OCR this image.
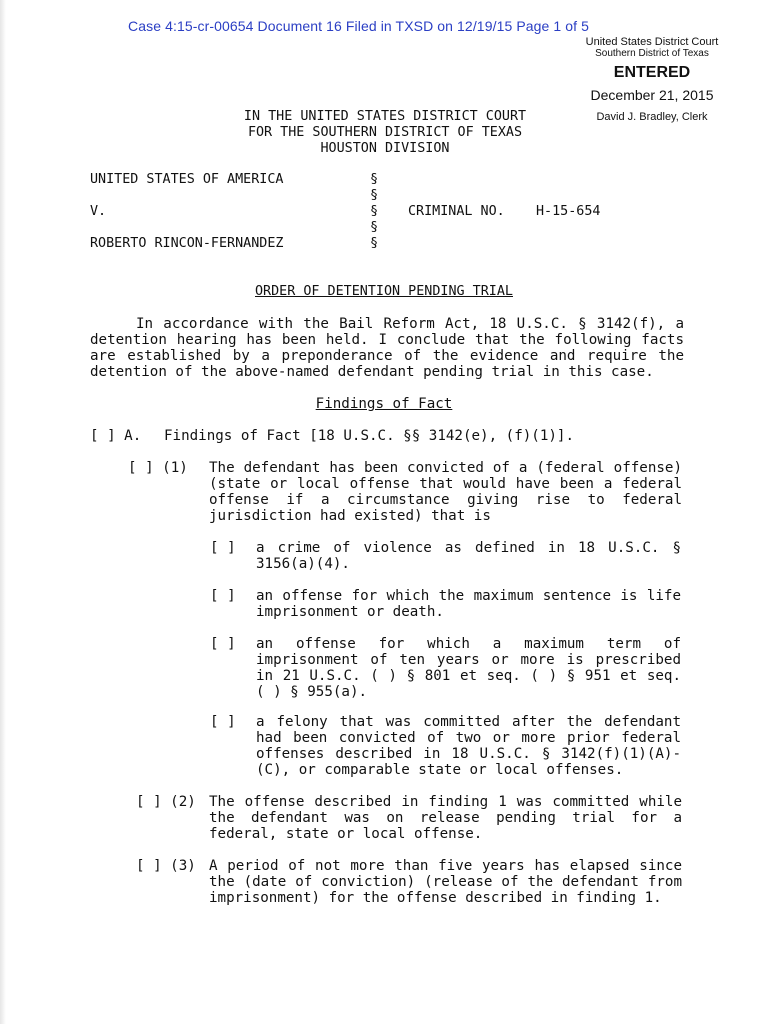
Case 4:15-cr-00654 Document 16 Filed in TXSD on 12/19/15 Page 1 of 5
United States District Court
Southern District of Texas
ENTERED
December 21, 2015
David J. Bradley, Clerk
IN THE UNITED STATES DISTRICT COURT
FOR THE SOUTHERN DISTRICT OF TEXAS
HOUSTON DIVISION
UNITED STATES OF AMERICA
V.
ROBERTO RINCON-FERNANDEZ
§
§
§
§
§
CRIMINAL NO. H-15-654
ORDER OF DETENTION PENDING TRIAL
In accordance with the Bail Reform Act, 18 U.S.C. § 3142(f), a detention hearing has been held. I conclude that the following facts are established by a preponderance of the evidence and require the detention of the above-named defendant pending trial in this case.
Findings of Fact
[ ] A. Findings of Fact [18 U.S.C. §§ 3142(e), (f)(1)].
[ ] (1) The defendant has been convicted of a (federal offense) (state or local offense that would have been a federal offense if a circumstance giving rise to federal jurisdiction had existed) that is
[ ] a crime of violence as defined in 18 U.S.C. § 3156(a)(4).
[ ] an offense for which the maximum sentence is life imprisonment or death.
[ ] an offense for which a maximum term of imprisonment of ten years or more is prescribed in 21 U.S.C. ( ) § 801 et seq. ( ) § 951 et seq. ( ) § 955(a).
[ ] a felony that was committed after the defendant had been convicted of two or more prior federal offenses described in 18 U.S.C. § 3142(f)(1)(A)-(C), or comparable state or local offenses.
[ ] (2) The offense described in finding 1 was committed while the defendant was on release pending trial for a federal, state or local offense.
[ ] (3) A period of not more than five years has elapsed since the (date of conviction) (release of the defendant from imprisonment) for the offense described in finding 1.
